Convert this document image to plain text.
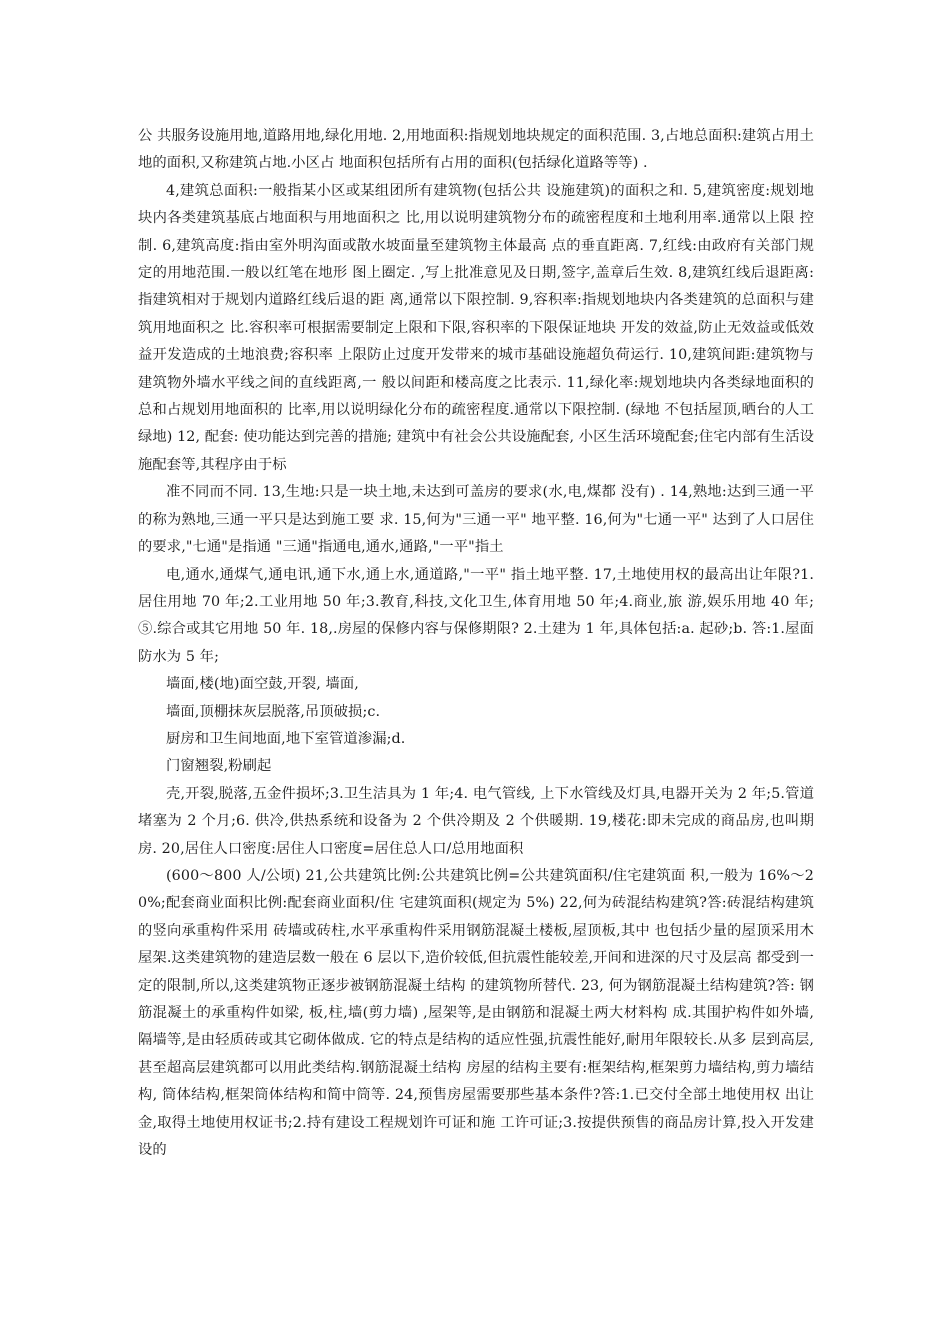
公 共服务设施用地,道路用地,绿化用地. 2,用地面积:指规划地块规定的面积范围. 3,占地总面积:建筑占用土地的面积,又称建筑占地.小区占 地面积包括所有占用的面积(包括绿化道路等等) .

4,建筑总面积:一般指某小区或某组团所有建筑物(包括公共 设施建筑)的面积之和. 5,建筑密度:规划地块内各类建筑基底占地面积与用地面积之 比,用以说明建筑物分布的疏密程度和土地利用率.通常以上限 控制. 6,建筑高度:指由室外明沟面或散水坡面量至建筑物主体最高 点的垂直距离. 7,红线:由政府有关部门规定的用地范围.一般以红笔在地形 图上圈定. ,写上批准意见及日期,签字,盖章后生效. 8,建筑红线后退距离:指建筑相对于规划内道路红线后退的距 离,通常以下限控制. 9,容积率:指规划地块内各类建筑的总面积与建筑用地面积之 比.容积率可根据需要制定上限和下限,容积率的下限保证地块 开发的效益,防止无效益或低效益开发造成的土地浪费;容积率 上限防止过度开发带来的城市基础设施超负荷运行. 10,建筑间距:建筑物与建筑物外墙水平线之间的直线距离,一 般以间距和楼高度之比表示. 11,绿化率:规划地块内各类绿地面积的总和占规划用地面积的 比率,用以说明绿化分布的疏密程度.通常以下限控制. (绿地 不包括屋顶,晒台的人工绿地) 12, 配套: 使功能达到完善的措施; 建筑中有社会公共设施配套, 小区生活环境配套;住宅内部有生活设施配套等,其程序由于标

准不同而不同. 13,生地:只是一块土地,未达到可盖房的要求(水,电,煤都 没有) . 14,熟地:达到三通一平的称为熟地,三通一平只是达到施工要 求. 15,何为"三通一平" 地平整. 16,何为"七通一平" 达到了人口居住的要求,"七通"是指通 "三通"指通电,通水,通路,"一平"指土

电,通水,通煤气,通电讯,通下水,通上水,通道路,"一平" 指土地平整. 17,土地使用权的最高出让年限?1.居住用地 70 年;2.工业用地 50 年;3.教育,科技,文化卫生,体育用地 50 年;4.商业,旅 游,娱乐用地 40 年;⑤.综合或其它用地 50 年. 18,.房屋的保修内容与保修期限? 2.土建为 1 年,具体包括:a. 起砂;b. 答:1.屋面防水为 5 年;

墙面,楼(地)面空鼓,开裂, 墙面,

墙面,顶棚抹灰层脱落,吊顶破损;c.

厨房和卫生间地面,地下室管道渗漏;d.

门窗翘裂,粉刷起

壳,开裂,脱落,五金件损坏;3.卫生洁具为 1 年;4. 电气管线, 上下水管线及灯具,电器开关为 2 年;5.管道堵塞为 2 个月;6. 供冷,供热系统和设备为 2 个供冷期及 2 个供暖期. 19,楼花:即未完成的商品房,也叫期房. 20,居住人口密度:居住人口密度=居住总人口/总用地面积

(600～800 人/公顷) 21,公共建筑比例:公共建筑比例=公共建筑面积/住宅建筑面 积,一般为 16%～20%;配套商业面积比例:配套商业面积/住 宅建筑面积(规定为 5%) 22,何为砖混结构建筑?答:砖混结构建筑的竖向承重构件采用 砖墙或砖柱,水平承重构件采用钢筋混凝土楼板,屋顶板,其中 也包括少量的屋顶采用木屋架.这类建筑物的建造层数一般在 6 层以下,造价较低,但抗震性能较差,开间和进深的尺寸及层高 都受到一定的限制,所以,这类建筑物正逐步被钢筋混凝土结构 的建筑物所替代. 23, 何为钢筋混凝土结构建筑?答: 钢筋混凝土的承重构件如梁, 板,柱,墙(剪力墙) ,屋架等,是由钢筋和混凝土两大材料构 成.其围护构件如外墙,隔墙等,是由轻质砖或其它砌体做成. 它的特点是结构的适应性强,抗震性能好,耐用年限较长.从多 层到高层,甚至超高层建筑都可以用此类结构.钢筋混凝土结构 房屋的结构主要有:框架结构,框架剪力墙结构,剪力墙结构, 筒体结构,框架筒体结构和简中筒等. 24,预售房屋需要那些基本条件?答:1.已交付全部土地使用权 出让金,取得土地使用权证书;2.持有建设工程规划许可证和施 工许可证;3.按提供预售的商品房计算,投入开发建设的
